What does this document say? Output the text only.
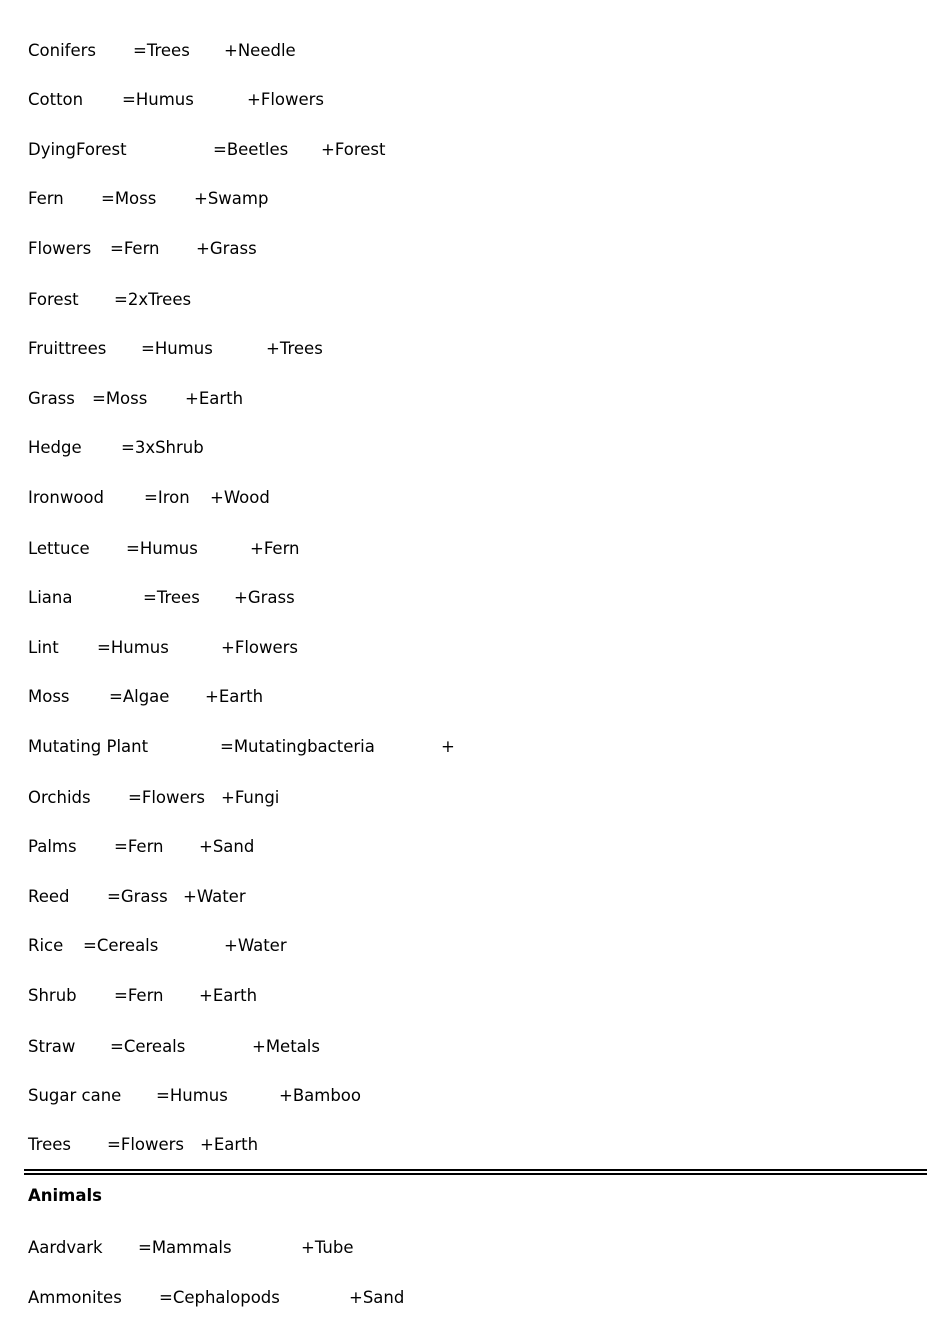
Conifers =Trees +Needle
Cotton =Humus	+Flowers
DyingForest	=Beetles +Forest
Fern =Moss +Swamp
Flowers =Fern +Grass
Forest =2xTrees
Fruittrees =Humus	+Trees
Grass =Moss +Earth
Hedge =3xShrub
Ironwood =Iron +Wood
Lettuce =Humus	+Fern
Liana	=Trees +Grass
Lint =Humus	+Flowers
Moss =Algae +Earth
Mutating Plant	=Mutatingbacteria	+
Orchids =Flowers +Fungi
Palms =Fern +Sand
Reed =Grass +Water
Rice =Cereals	+Water
Shrub =Fern +Earth
Straw =Cereals	+Metals
Sugar cane =Humus	+Bamboo
Trees =Flowers +Earth
Animals
Aardvark =Mammals	+Tube
Ammonites =Cephalopods	+Sand
